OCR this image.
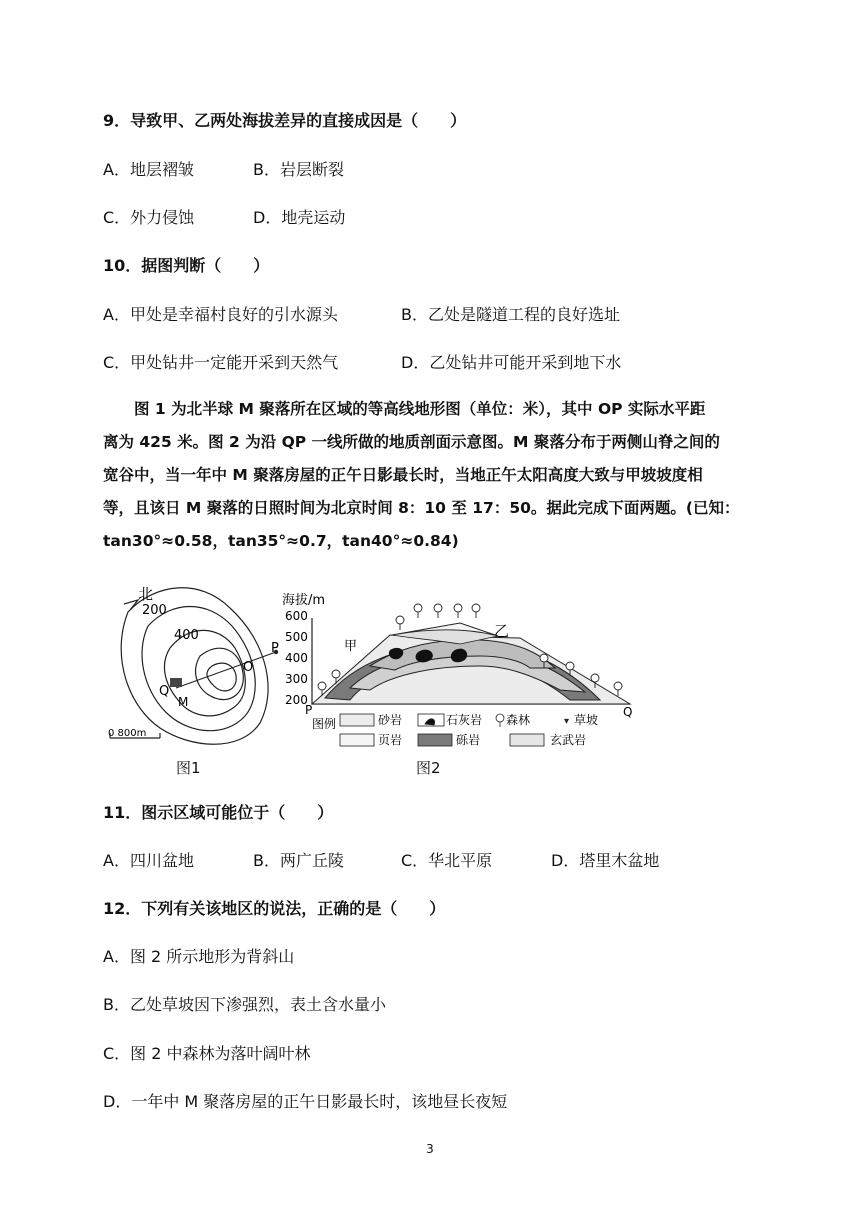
9．导致甲、乙两处海拔差异的直接成因是（　　）
A．地层褶皱	B．岩层断裂
C．外力侵蚀	D．地壳运动
10．据图判断（　　）
A．甲处是幸福村良好的引水源头	B．乙处是隧道工程的良好选址
C．甲处钻井一定能开采到天然气	D．乙处钻井可能开采到地下水

　　图 1 为北半球 M 聚落所在区域的等高线地形图（单位：米），其中 OP 实际水平距

离为 425 米。图 2 为沿 QP 一线所做的地质剖面示意图。M 聚落分布于两侧山脊之间的

宽谷中，当一年中 M 聚落房屋的正午日影最长时，当地正午太阳高度大致与甲坡坡度相

等，且该日 M 聚落的日照时间为北京时间 8：10 至 17：50。据此完成下面两题。(已知：

tan30°≈0.58，tan35°≈0.7，tan40°≈0.84)

北
200
400
O
P
Q
M
0 800m
海拔/m
600
500
400
300
200
甲
乙
P	Q
▾
图例	砂岩	石灰岩 森林	草坡
页岩	砾岩	玄武岩
图1	图2
11．图示区域可能位于（　　）
A．四川盆地	B．两广丘陵	C．华北平原	D．塔里木盆地
12．下列有关该地区的说法，正确的是（　　）
A．图 2 所示地形为背斜山
B．乙处草坡因下渗强烈，表土含水量小
C．图 2 中森林为落叶阔叶林
D．一年中 M 聚落房屋的正午日影最长时，该地昼长夜短
3
